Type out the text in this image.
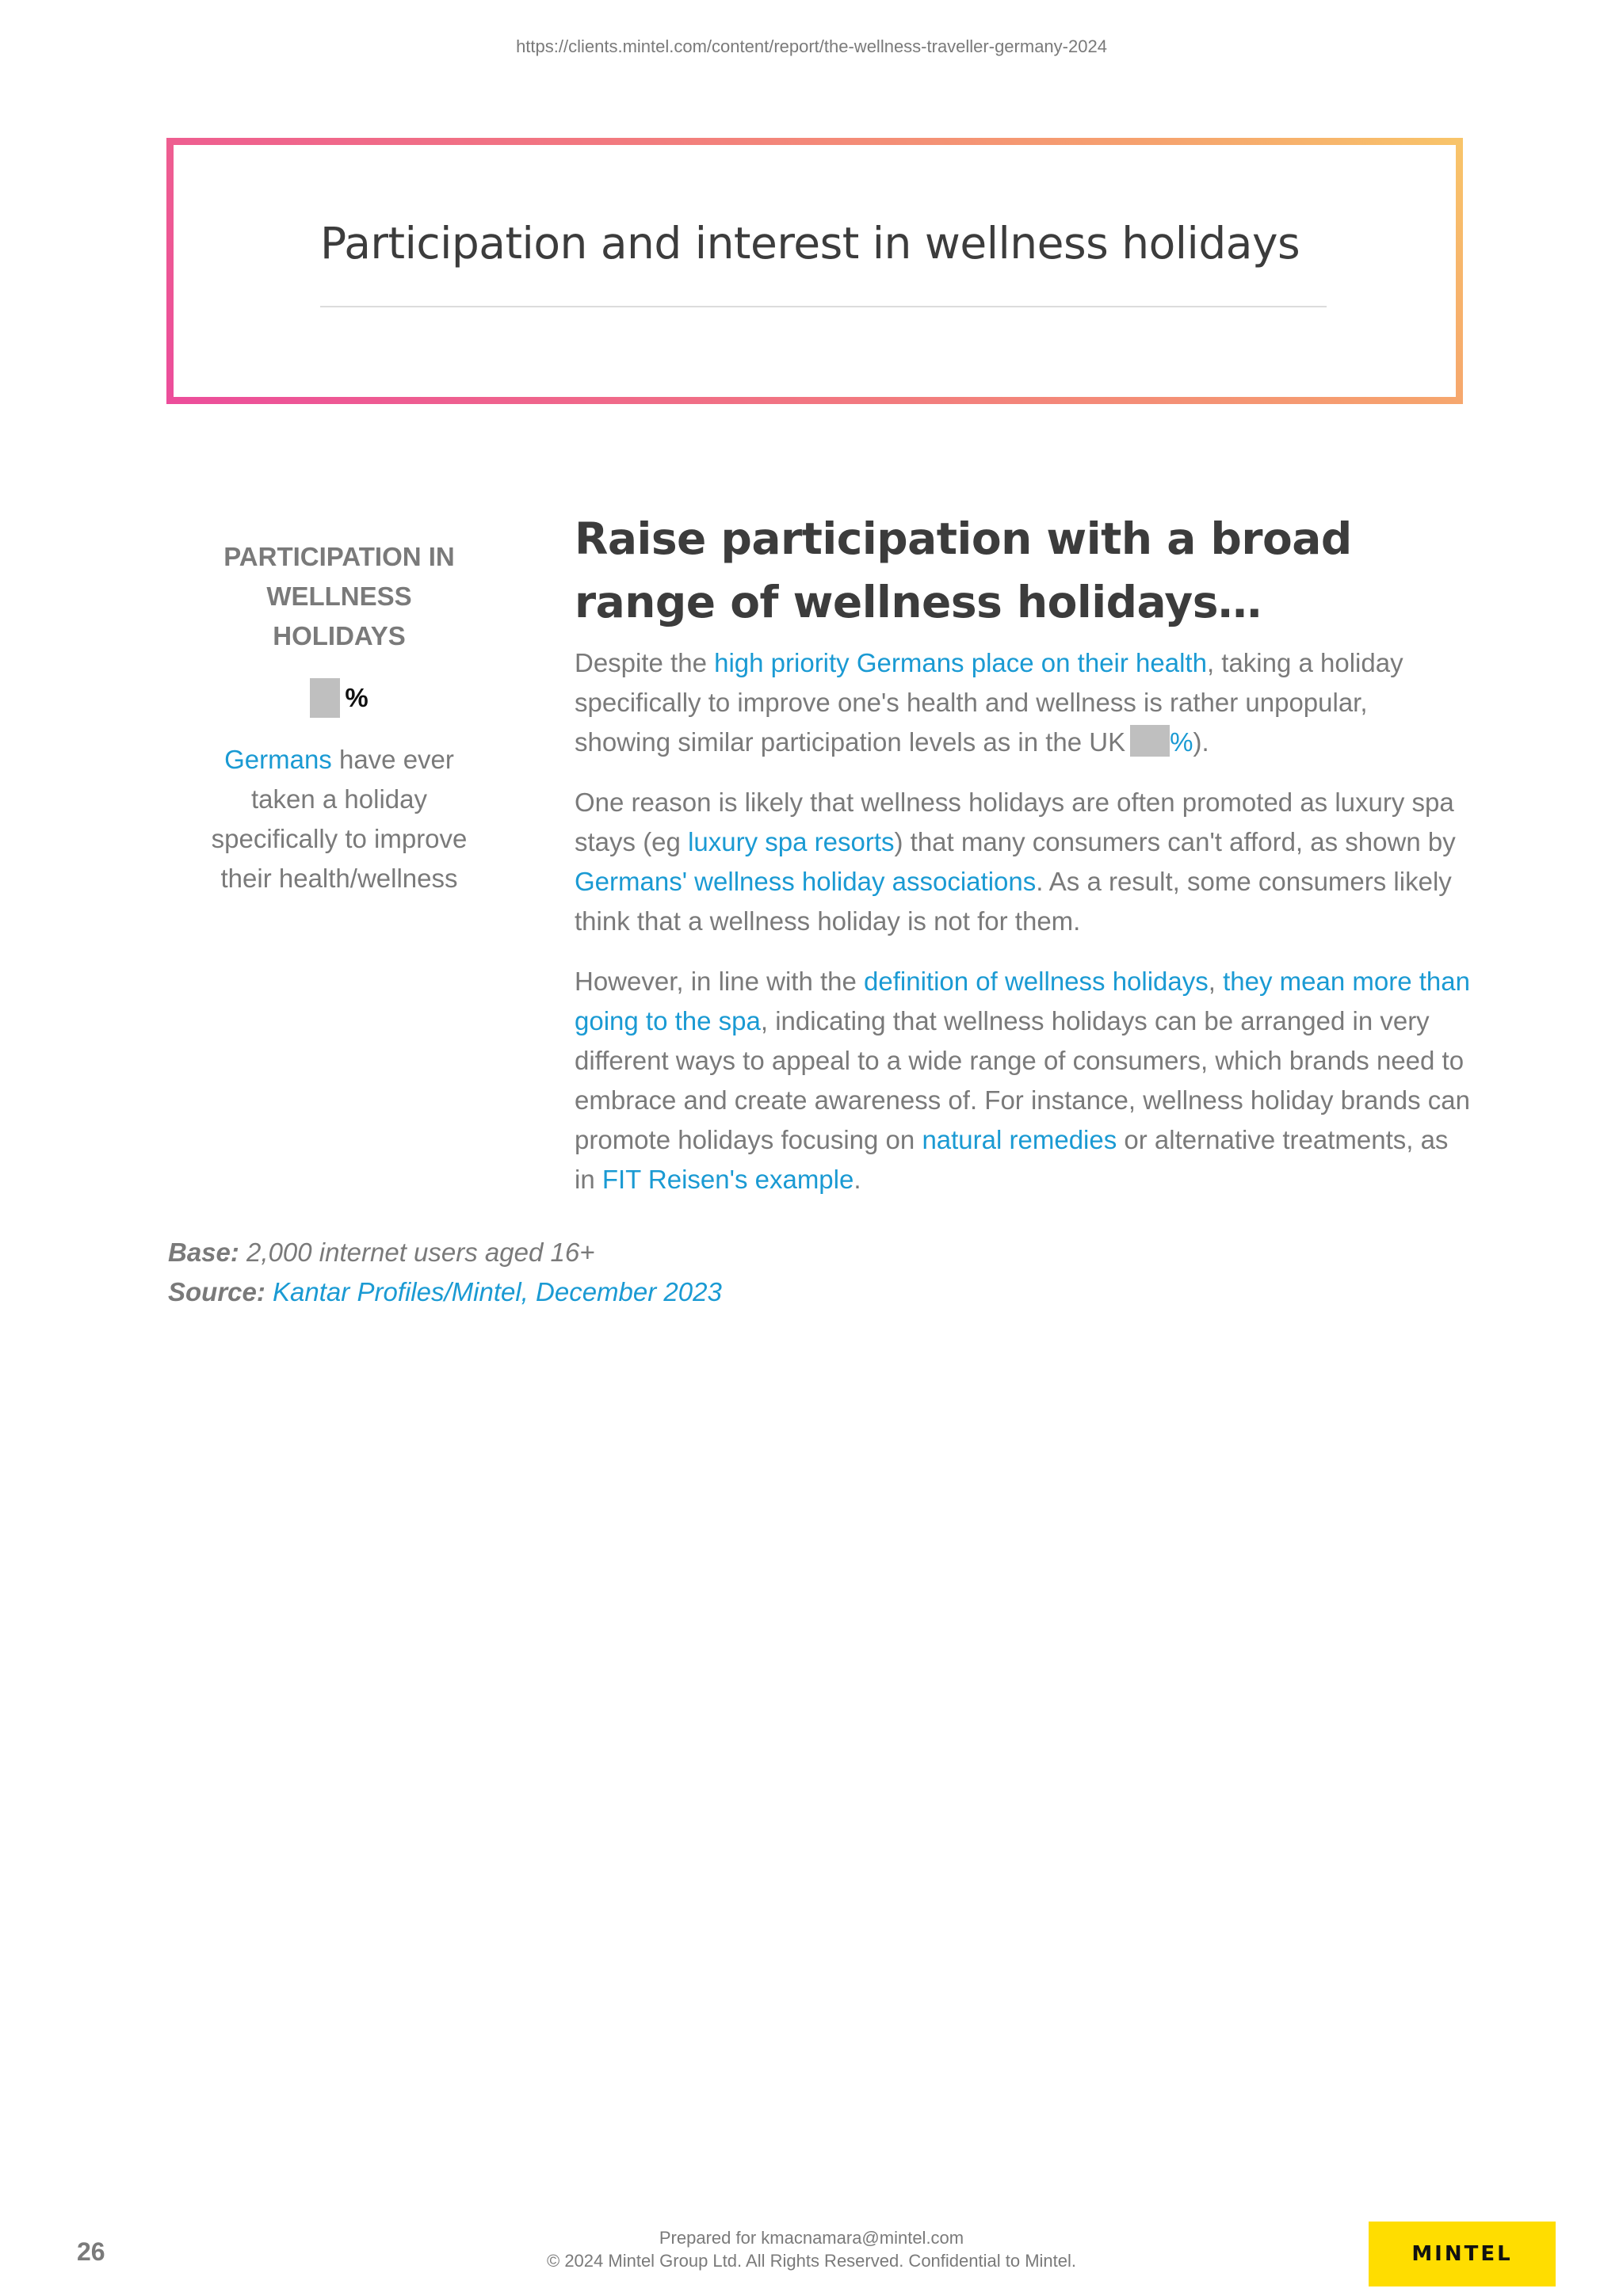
https://clients.mintel.com/content/report/the-wellness-traveller-germany-2024
Participation and interest in wellness holidays
PARTICIPATION IN
WELLNESS
HOLIDAYS
%
Germans have ever
taken a holiday
specifically to improve
their health/wellness
Raise participation with a broad range of wellness holidays…

Despite the high priority Germans place on their health, taking a holiday specifically to improve one's health and wellness is rather unpopular, showing similar participation levels as in the UK %).

One reason is likely that wellness holidays are often promoted as luxury spa stays (eg luxury spa resorts) that many consumers can't afford, as shown by Germans' wellness holiday associations. As a result, some consumers likely think that a wellness holiday is not for them.

However, in line with the definition of wellness holidays, they mean more than going to the spa, indicating that wellness holidays can be arranged in very different ways to appeal to a wide range of consumers, which brands need to embrace and create awareness of. For instance, wellness holiday brands can promote holidays focusing on natural remedies or alternative treatments, as in FIT Reisen's example.

Base: 2,000 internet users aged 16+
Source: Kantar Profiles/Mintel, December 2023
26	Prepared for kmacnamara@mintel.com
© 2024 Mintel Group Ltd. All Rights Reserved. Confidential to Mintel.	MINTEL
